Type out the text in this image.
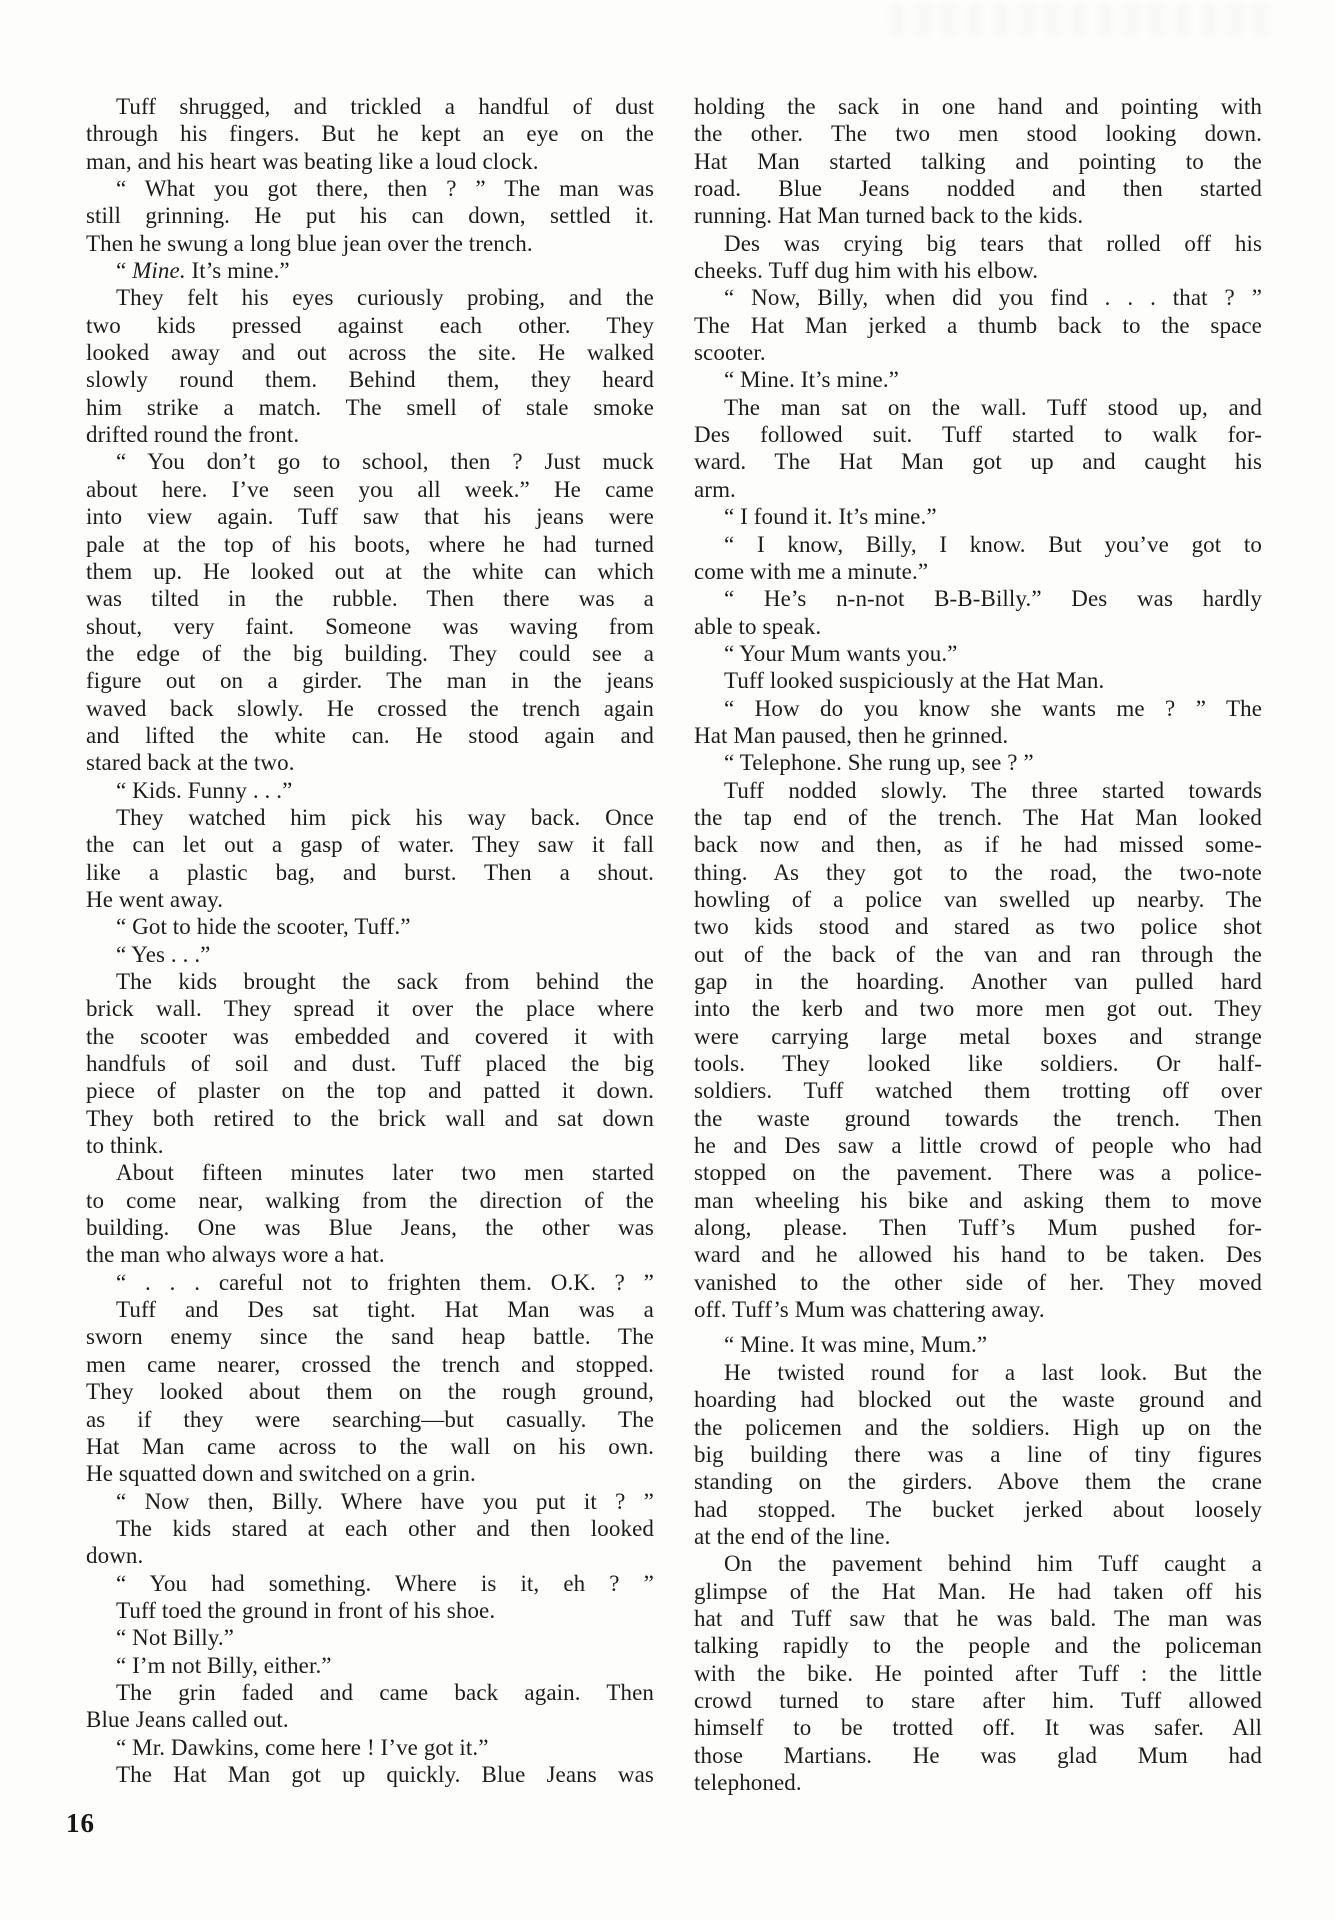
Tuff shrugged, and trickled a handful of dust
through his fingers. But he kept an eye on the
man, and his heart was beating like a loud clock.
“ What you got there, then ? ” The man was
still grinning. He put his can down, settled it.
Then he swung a long blue jean over the trench.
“ Mine. It’s mine.”
They felt his eyes curiously probing, and the
two kids pressed against each other. They
looked away and out across the site. He walked
slowly round them. Behind them, they heard
him strike a match. The smell of stale smoke
drifted round the front.
“ You don’t go to school, then ? Just muck
about here. I’ve seen you all week.” He came
into view again. Tuff saw that his jeans were
pale at the top of his boots, where he had turned
them up. He looked out at the white can which
was tilted in the rubble. Then there was a
shout, very faint. Someone was waving from
the edge of the big building. They could see a
figure out on a girder. The man in the jeans
waved back slowly. He crossed the trench again
and lifted the white can. He stood again and
stared back at the two.
“ Kids. Funny . . .”
They watched him pick his way back. Once
the can let out a gasp of water. They saw it fall
like a plastic bag, and burst. Then a shout.
He went away.
“ Got to hide the scooter, Tuff.”
“ Yes . . .”
The kids brought the sack from behind the
brick wall. They spread it over the place where
the scooter was embedded and covered it with
handfuls of soil and dust. Tuff placed the big
piece of plaster on the top and patted it down.
They both retired to the brick wall and sat down
to think.
About fifteen minutes later two men started
to come near, walking from the direction of the
building. One was Blue Jeans, the other was
the man who always wore a hat.
“ . . . careful not to frighten them. O.K. ? ”
Tuff and Des sat tight. Hat Man was a
sworn enemy since the sand heap battle. The
men came nearer, crossed the trench and stopped.
They looked about them on the rough ground,
as if they were searching—but casually. The
Hat Man came across to the wall on his own.
He squatted down and switched on a grin.
“ Now then, Billy. Where have you put it ? ”
The kids stared at each other and then looked
down.
“ You had something. Where is it, eh ? ”
Tuff toed the ground in front of his shoe.
“ Not Billy.”
“ I’m not Billy, either.”
The grin faded and came back again. Then
Blue Jeans called out.
“ Mr. Dawkins, come here ! I’ve got it.”
The Hat Man got up quickly. Blue Jeans was
holding the sack in one hand and pointing with
the other. The two men stood looking down.
Hat Man started talking and pointing to the
road. Blue Jeans nodded and then started
running. Hat Man turned back to the kids.
Des was crying big tears that rolled off his
cheeks. Tuff dug him with his elbow.
“ Now, Billy, when did you find . . . that ? ”
The Hat Man jerked a thumb back to the space
scooter.
“ Mine. It’s mine.”
The man sat on the wall. Tuff stood up, and
Des followed suit. Tuff started to walk for-
ward. The Hat Man got up and caught his
arm.
“ I found it. It’s mine.”
“ I know, Billy, I know. But you’ve got to
come with me a minute.”
“ He’s n-n-not B-B-Billy.” Des was hardly
able to speak.
“ Your Mum wants you.”
Tuff looked suspiciously at the Hat Man.
“ How do you know she wants me ? ” The
Hat Man paused, then he grinned.
“ Telephone. She rung up, see ? ”
Tuff nodded slowly. The three started towards
the tap end of the trench. The Hat Man looked
back now and then, as if he had missed some-
thing. As they got to the road, the two-note
howling of a police van swelled up nearby. The
two kids stood and stared as two police shot
out of the back of the van and ran through the
gap in the hoarding. Another van pulled hard
into the kerb and two more men got out. They
were carrying large metal boxes and strange
tools. They looked like soldiers. Or half-
soldiers. Tuff watched them trotting off over
the waste ground towards the trench. Then
he and Des saw a little crowd of people who had
stopped on the pavement. There was a police-
man wheeling his bike and asking them to move
along, please. Then Tuff’s Mum pushed for-
ward and he allowed his hand to be taken. Des
vanished to the other side of her. They moved
off. Tuff’s Mum was chattering away.
“ Mine. It was mine, Mum.”
He twisted round for a last look. But the
hoarding had blocked out the waste ground and
the policemen and the soldiers. High up on the
big building there was a line of tiny figures
standing on the girders. Above them the crane
had stopped. The bucket jerked about loosely
at the end of the line.
On the pavement behind him Tuff caught a
glimpse of the Hat Man. He had taken off his
hat and Tuff saw that he was bald. The man was
talking rapidly to the people and the policeman
with the bike. He pointed after Tuff : the little
crowd turned to stare after him. Tuff allowed
himself to be trotted off. It was safer. All
those Martians. He was glad Mum had
telephoned.
16
